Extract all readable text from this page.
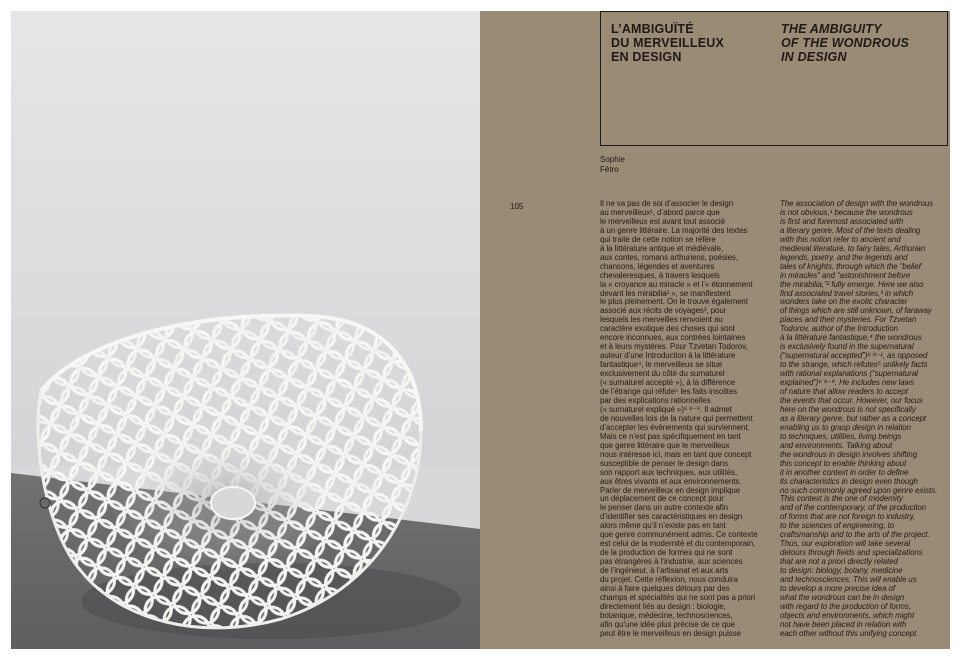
L’AMBIGUÏTÉ
DU MERVEILLEUX
EN DESIGN
THE AMBIGUITY
OF THE WONDROUS
IN DESIGN
Sophie
Fétro
105	Il ne va pas de soi d’associer le design
au merveilleux¹, d’abord parce que
le merveilleux est avant tout associé
à un genre littéraire. La majorité des textes
qui traite de cette notion se réfère
à la littérature antique et médiévale,
aux contes, romans arthuriens, poésies,
chansons, légendes et aventures
chevaleresques, à travers lesquels
la « croyance au miracle » et l’« étonnement
devant les mirabilia² », se manifestent
le plus pleinement. On le trouve également
associé aux récits de voyages³, pour
lesquels les merveilles renvoient au
caractère exotique des choses qui sont
encore inconnues, aux contrées lointaines
et à leurs mystères. Pour Tzvetan Todorov,
auteur d’une Introduction à la littérature
fantastique⁴, le merveilleux se situe
exclusivement du côté du surnaturel
(« surnaturel accepté »), à la différence
de l’étrange qui réfute⁵ les faits insolites
par des explications rationnelles
(« surnaturel expliqué »)⁶ ⁸⁻⁹. Il admet
de nouvelles lois de la nature qui permettent
d’accepter les évènements qui surviennent.
Mais ce n’est pas spécifiquement en tant
que genre littéraire que le merveilleux
nous intéresse ici, mais en tant que concept
susceptible de penser le design dans
son rapport aux techniques, aux utilités,
aux êtres vivants et aux environnements.
Parler de merveilleux en design implique
un déplacement de ce concept pour
le penser dans un autre contexte afin
d’identifier ses caractéristiques en design
alors même qu’il n’existe pas en tant
que genre communément admis. Ce contexte
est celui de la modernité et du contemporain,
de la production de formes qui ne sont
pas étrangères à l’industrie, aux sciences
de l’ingénieur, à l’artisanat et aux arts
du projet. Cette réflexion, nous conduira
ainsi à faire quelques détours par des
champs et spécialités qui ne sont pas a priori
directement liés au design : biologie,
botanique, médecine, technosciences,
afin qu’une idée plus précise de ce que
peut être le merveilleux en design puisse
The association of design with the wondrous
is not obvious,¹ because the wondrous
is first and foremost associated with
a literary genre. Most of the texts dealing
with this notion refer to ancient and
medieval literature, to fairy tales, Arthurian
legends, poetry, and the legends and
tales of knights, through which the “belief
in miracles” and “astonishment before
the mirabilia,”² fully emerge. Here we also
find associated travel stories,³ in which
wonders take on the exotic character
of things which are still unknown, of faraway
places and their mysteries. For Tzvetan
Todorov, author of the Introduction
à la littérature fantastique,⁴ the wondrous
is exclusively found in the supernatural
(“supernatural accepted”)⁶ ⁸⁻¹, as opposed
to the strange, which refutes⁵ unlikely facts
with rational explanations (“supernatural
explained”)⁶ ⁸⁻⁹. He includes new laws
of nature that allow readers to accept
the events that occur. However, our focus
here on the wondrous is not specifically
as a literary genre, but rather as a concept
enabling us to grasp design in relation
to techniques, utilities, living beings
and environments. Talking about
the wondrous in design involves shifting
this concept to enable thinking about
it in another context in order to define
its characteristics in design even though
no such commonly agreed upon genre exists.
This context is the one of modernity
and of the contemporary, of the production
of forms that are not foreign to industry,
to the sciences of engineering, to
craftsmanship and to the arts of the project.
Thus, our exploration will take several
detours through fields and specializations
that are not a priori directly related
to design: biology, botany, medicine
and technosciences. This will enable us
to develop a more precise idea of
what the wondrous can be in design
with regard to the production of forms,
objects and environments, which might
not have been placed in relation with
each other without this unifying concept.
